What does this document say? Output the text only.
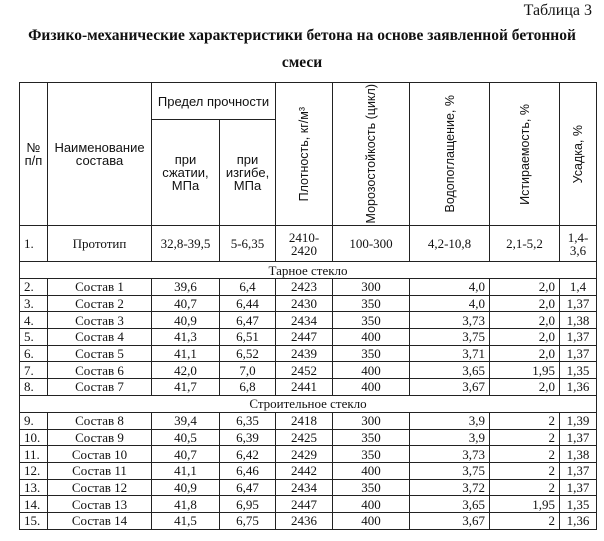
Таблица 3
Физико-механические характеристики бетона на основе заявленной бетонной
смеси
№ п/п	Наименование состава	Предел прочности		Плотность, кг/м³	Морозостойкость (цикл)	Водопоглащение, %	Истираемость, %	Усадка, %

		при сжатии, МПа	при изгибе, МПа					
1.	Прототип	32,8-39,5	5-6,35	2410-2420	100-300	4,2-10,8	2,1-5,2	1,4-3,6
Тарное стекло								
2.	Состав 1	39,6	6,4	2423	300	4,0	2,0	1,4
3.	Состав 2	40,7	6,44	2430	350	4,0	2,0	1,37
4.	Состав 3	40,9	6,47	2434	350	3,73	2,0	1,38
5.	Состав 4	41,3	6,51	2447	400	3,75	2,0	1,37
6.	Состав 5	41,1	6,52	2439	350	3,71	2,0	1,37
7.	Состав 6	42,0	7,0	2452	400	3,65	1,95	1,35
8.	Состав 7	41,7	6,8	2441	400	3,67	2,0	1,36
Строительное стекло								
9.	Состав 8	39,4	6,35	2418	300	3,9	2	1,39
10.	Состав 9	40,5	6,39	2425	350	3,9	2	1,37
11.	Состав 10	40,7	6,42	2429	350	3,73	2	1,38
12.	Состав 11	41,1	6,46	2442	400	3,75	2	1,37
13.	Состав 12	40,9	6,47	2434	350	3,72	2	1,37
14.	Состав 13	41,8	6,95	2447	400	3,65	1,95	1,35
15.	Состав 14	41,5	6,75	2436	400	3,67	2	1,36
